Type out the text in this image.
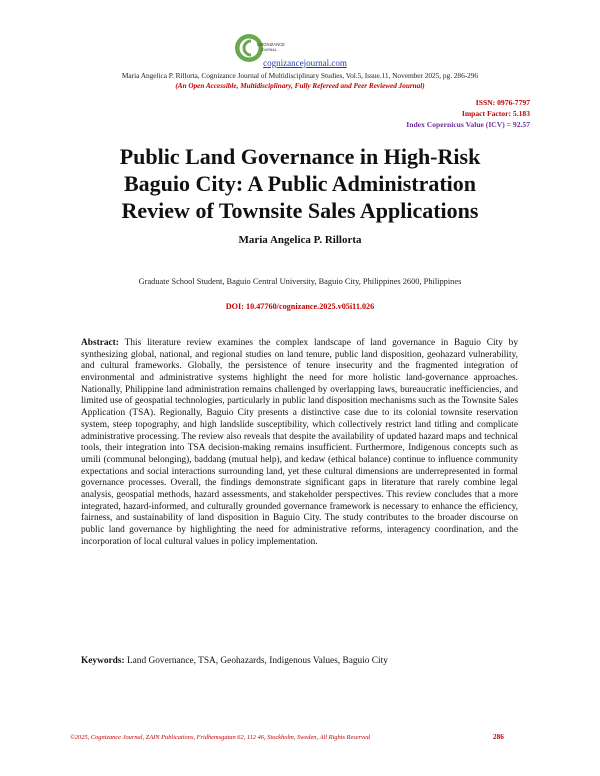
COGNIZANCE
JOURNAL
cognizancejournal.com
Maria Angelica P. Rillorta, Cognizance Journal of Multidisciplinary Studies, Vol.5, Issue.11, November 2025, pg. 286-296
(An Open Accessible, Multidisciplinary, Fully Refereed and Peer Reviewed Journal)
ISSN: 0976-7797
Impact Factor: 5.183
Index Copernicus Value (ICV) = 92.57
Public Land Governance in High-Risk
Baguio City: A Public Administration
Review of Townsite Sales Applications
Maria Angelica P. Rillorta
Graduate School Student, Baguio Central University, Baguio City, Philippines 2600, Philippines
DOI: 10.47760/cognizance.2025.v05i11.026
Abstract: This literature review examines the complex landscape of land governance in Baguio City by synthesizing global, national, and regional studies on land tenure, public land disposition, geohazard vulnerability, and cultural frameworks. Globally, the persistence of tenure insecurity and the fragmented integration of environmental and administrative systems highlight the need for more holistic land-governance approaches. Nationally, Philippine land administration remains challenged by overlapping laws, bureaucratic inefficiencies, and limited use of geospatial technologies, particularly in public land disposition mechanisms such as the Townsite Sales Application (TSA). Regionally, Baguio City presents a distinctive case due to its colonial townsite reservation system, steep topography, and high landslide susceptibility, which collectively restrict land titling and complicate administrative processing. The review also reveals that despite the availability of updated hazard maps and technical tools, their integration into TSA decision-making remains insufficient. Furthermore, Indigenous concepts such as umili (communal belonging), baddang (mutual help), and kedaw (ethical balance) continue to influence community expectations and social interactions surrounding land, yet these cultural dimensions are underrepresented in formal governance processes. Overall, the findings demonstrate significant gaps in literature that rarely combine legal analysis, geospatial methods, hazard assessments, and stakeholder perspectives. This review concludes that a more integrated, hazard-informed, and culturally grounded governance framework is necessary to enhance the efficiency, fairness, and sustainability of land disposition in Baguio City. The study contributes to the broader discourse on public land governance by highlighting the need for administrative reforms, interagency coordination, and the incorporation of local cultural values in policy implementation.
Keywords: Land Governance, TSA, Geohazards, Indigenous Values, Baguio City
©2025, Cognizance Journal, ZAIN Publications, Fridhemsgatan 62, 112 46, Stockholm, Sweden, All Rights Reserved	286
